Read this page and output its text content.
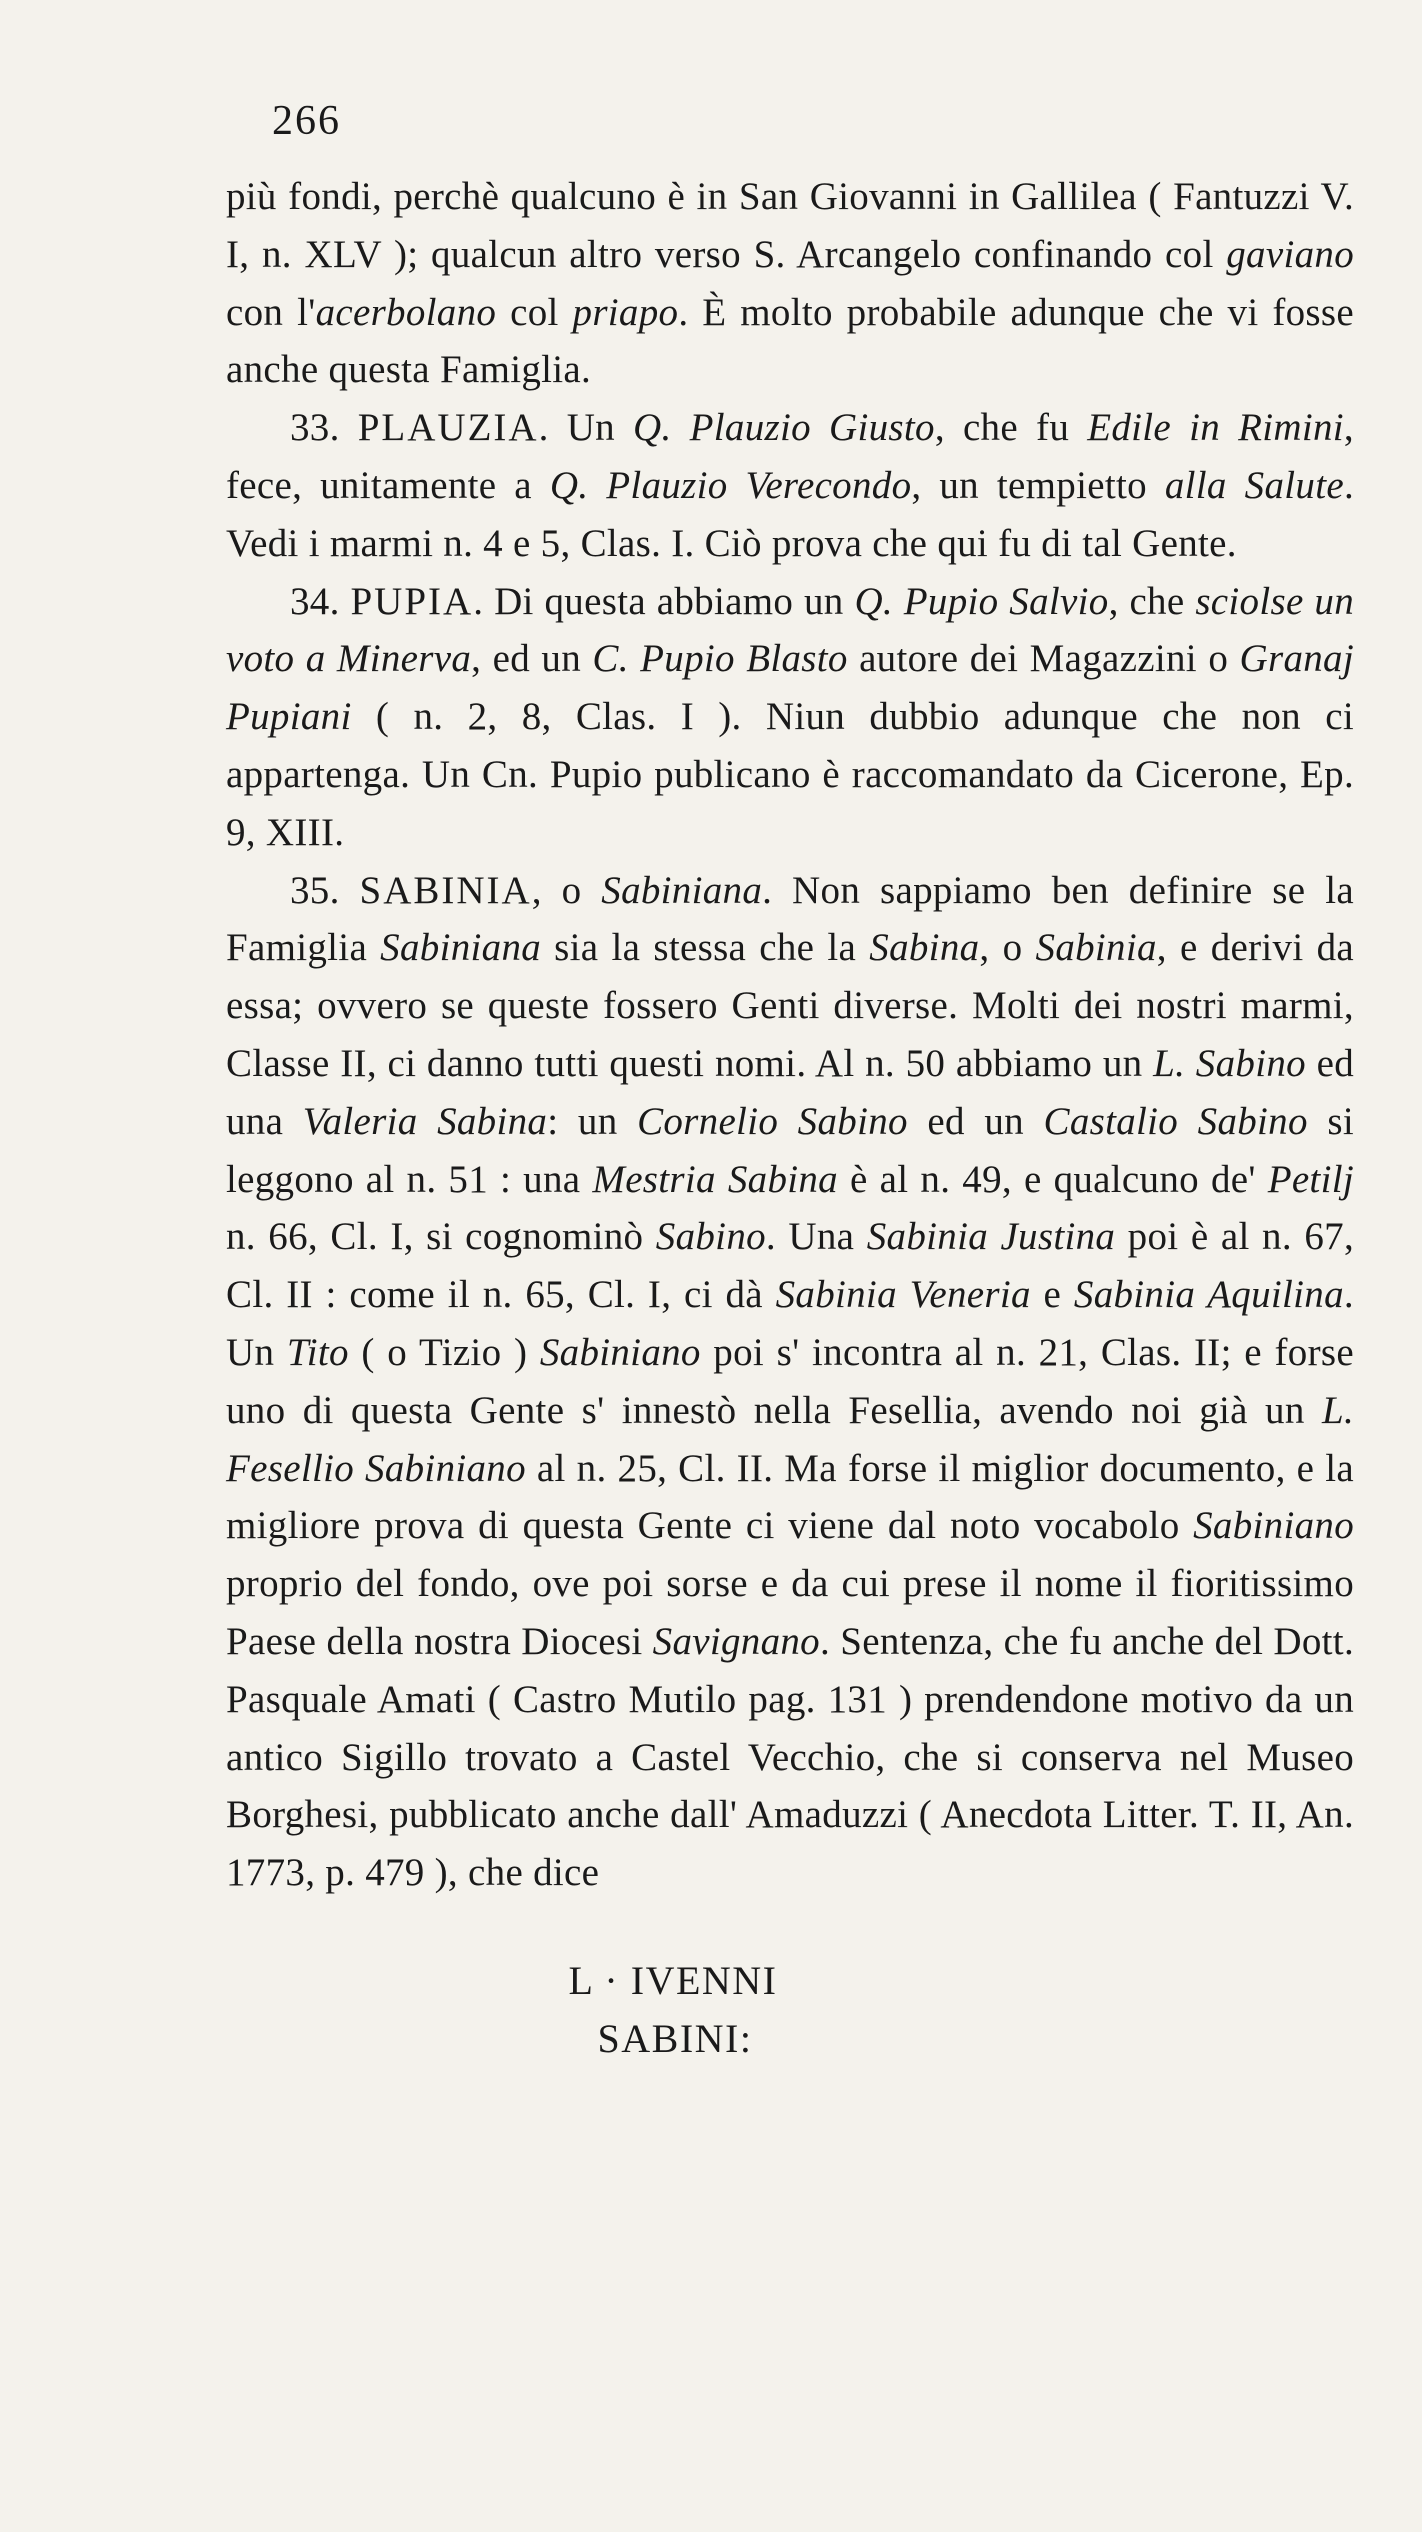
266

più fondi, perchè qualcuno è in San Giovanni in Gallilea ( Fantuzzi V. I, n. XLV ); qualcun altro verso S. Arcangelo confinando col gaviano con l'acerbolano col priapo. È molto probabile adunque che vi fosse anche questa Famiglia.

33. PLAUZIA. Un Q. Plauzio Giusto, che fu Edile in Rimini, fece, unitamente a Q. Plauzio Verecondo, un tempietto alla Salute. Vedi i marmi n. 4 e 5, Clas. I. Ciò prova che qui fu di tal Gente.

34. PUPIA. Di questa abbiamo un Q. Pupio Salvio, che sciolse un voto a Minerva, ed un C. Pupio Blasto autore dei Magazzini o Granaj Pupiani ( n. 2, 8, Clas. I ). Niun dubbio adunque che non ci appartenga. Un Cn. Pupio publicano è raccomandato da Cicerone, Ep. 9, XIII.

35. SABINIA, o Sabiniana. Non sappiamo ben definire se la Famiglia Sabiniana sia la stessa che la Sabina, o Sabinia, e derivi da essa; ovvero se queste fossero Genti diverse. Molti dei nostri marmi, Classe II, ci danno tutti questi nomi. Al n. 50 abbiamo un L. Sabino ed una Valeria Sabina: un Cornelio Sabino ed un Castalio Sabino si leggono al n. 51 : una Mestria Sabina è al n. 49, e qualcuno de' Petilj n. 66, Cl. I, si cognominò Sabino. Una Sabinia Justina poi è al n. 67, Cl. II : come il n. 65, Cl. I, ci dà Sabinia Veneria e Sabinia Aquilina. Un Tito ( o Tizio ) Sabiniano poi s' incontra al n. 21, Clas. II; e forse uno di questa Gente s' innestò nella Fesellia, avendo noi già un L. Fesellio Sabiniano al n. 25, Cl. II. Ma forse il miglior documento, e la migliore prova di questa Gente ci viene dal noto vocabolo Sabiniano proprio del fondo, ove poi sorse e da cui prese il nome il fioritissimo Paese della nostra Diocesi Savignano. Sentenza, che fu anche del Dott. Pasquale Amati ( Castro Mutilo pag. 131 ) prendendone motivo da un antico Sigillo trovato a Castel Vecchio, che si conserva nel Museo Borghesi, pubblicato anche dall' Amaduzzi ( Anecdota Litter. T. II, An. 1773, p. 479 ), che dice

L · IVENNI
SABINI:
